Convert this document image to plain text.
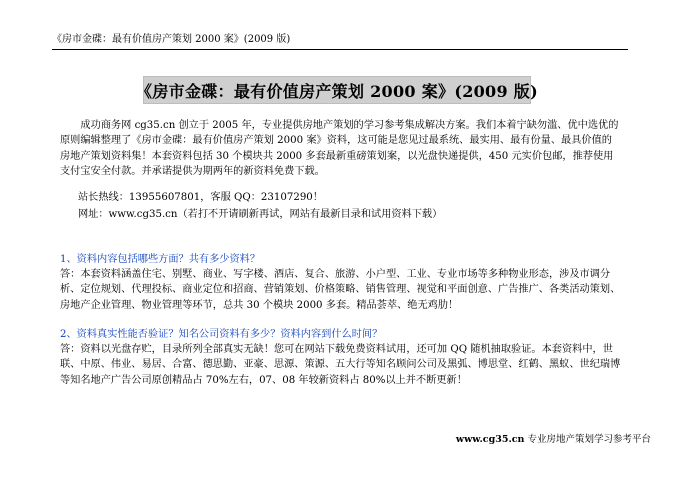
《房市金碟：最有价值房产策划 2000 案》(2009 版)
《房市金碟：最有价值房产策划 2000 案》(2009 版)
成功商务网 cg35.cn 创立于 2005 年，专业提供房地产策划的学习参考集成解决方案。我们本着宁缺勿滥、优中选优的原则编辑整理了《房市金碟：最有价值房产策划 2000 案》资料，这可能是您见过最系统、最实用、最有份量、最具价值的房地产策划资料集！本套资料包括 30 个模块共 2000 多套最新重磅策划案，以光盘快递提供，450 元实价包邮，推荐使用支付宝安全付款。并承诺提供为期两年的新资料免费下载。
站长热线：13955607801，客服 QQ：23107290！
网址：www.cg35.cn（若打不开请刷新再试，网站有最新目录和试用资料下载）
1、资料内容包括哪些方面？共有多少资料？
答：本套资料涵盖住宅、别墅、商业、写字楼、酒店、复合、旅游、小户型、工业、专业市场等多种物业形态，涉及市调分析、定位规划、代理投标、商业定位和招商、营销策划、价格策略、销售管理、视觉和平面创意、广告推广、各类活动策划、房地产企业管理、物业管理等环节，总共 30 个模块 2000 多套。精品荟萃、绝无鸡肋！
2、资料真实性能否验证？知名公司资料有多少？资料内容到什么时间？
答：资料以光盘存贮，目录所列全部真实无缺！您可在网站下载免费资料试用，还可加 QQ 随机抽取验证。本套资料中，世联、中原、伟业、易居、合富、德思勤、亚豪、思源、策源、五大行等知名顾问公司及黑弧、博思堂、红鹤、黑蚁、世纪瑞博等知名地产广告公司原创精品占 70%左右，07、08 年较新资料占 80%以上并不断更新！
www.cg35.cn 专业房地产策划学习参考平台
